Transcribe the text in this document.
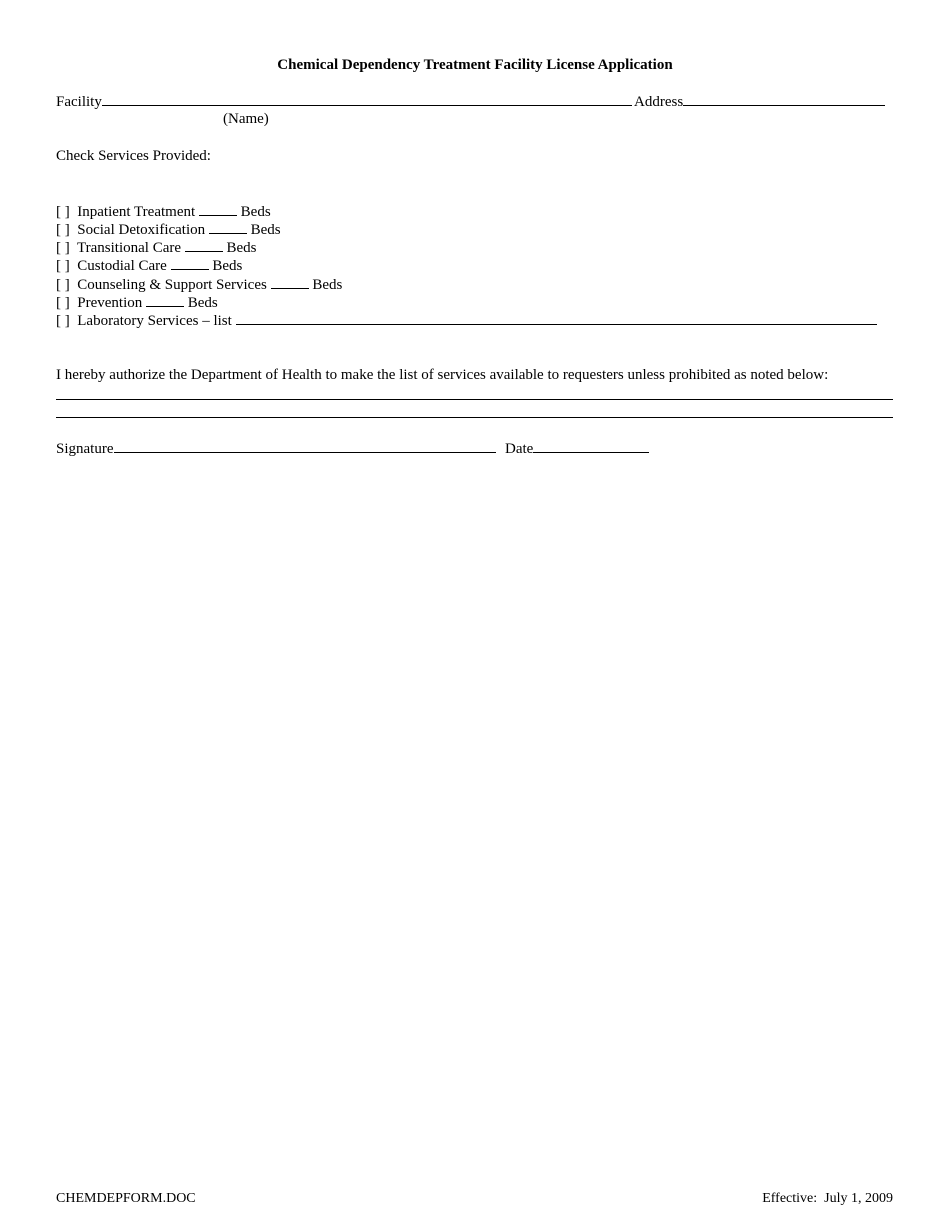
Chemical Dependency Treatment Facility License Application
Facility	Address
(Name)
Check Services Provided:
[ ] Inpatient Treatment	Beds
[ ] Social Detoxification	Beds
[ ] Transitional Care	Beds
[ ] Custodial Care	Beds
[ ] Counseling & Support Services	Beds
[ ] Prevention	Beds
[ ] Laboratory Services – list
I hereby authorize the Department of Health to make the list of services available to requesters unless prohibited as noted below:
Signature	Date
CHEMDEPFORM.DOC	Effective:  July 1, 2009
